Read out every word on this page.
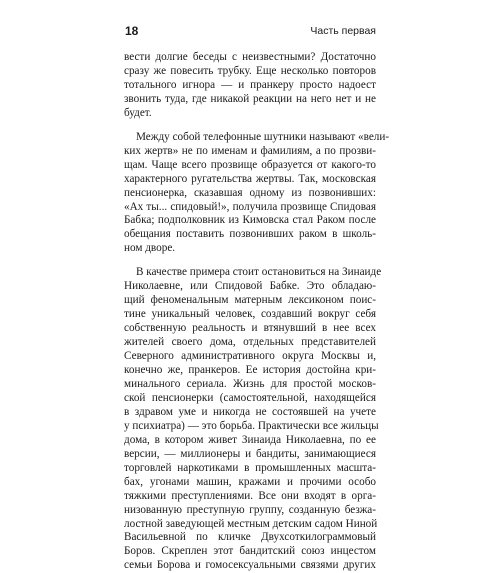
18	Часть первая

вести долгие беседы с неизвестными? Достаточно
сразу же повесить трубку. Еще несколько повторов
тотального игнора — и пранкеру просто надоест
звонить туда, где никакой реакции на него нет и не
будет.

Между собой телефонные шутники называют «вели-
ких жертв» не по именам и фамилиям, а по прозви-
щам. Чаще всего прозвище образуется от какого-то
характерного ругательства жертвы. Так, московская
пенсионерка, сказавшая одному из позвонивших:
«Ах ты... спидовый!», получила прозвище Спидовая
Бабка; подполковник из Кимовска стал Раком после
обещания поставить позвонивших раком в школь-
ном дворе.

В качестве примера стоит остановиться на Зинаиде
Николаевне, или Спидовой Бабке. Это обладаю-
щий феноменальным матерным лексиконом поис-
тине уникальный человек, создавший вокруг себя
собственную реальность и втянувший в нее всех
жителей своего дома, отдельных представителей
Северного административного округа Москвы и,
конечно же, пранкеров. Ее история достойна кри-
минального сериала. Жизнь для простой москов-
ской пенсионерки (самостоятельной, находящейся
в здравом уме и никогда не состоявшей на учете
у психиатра) — это борьба. Практически все жильцы
дома, в котором живет Зинаида Николаевна, по ее
версии, — миллионеры и бандиты, занимающиеся
торговлей наркотиками в промышленных масшта-
бах, угонами машин, кражами и прочими особо
тяжкими преступлениями. Все они входят в орга-
низованную преступную группу, созданную безжа-
лостной заведующей местным детским садом Ниной
Васильевной по кличке Двухсоткилограммовый
Боров. Скреплен этот бандитский союз инцестом
семьи Борова и гомосексуальными связями других
